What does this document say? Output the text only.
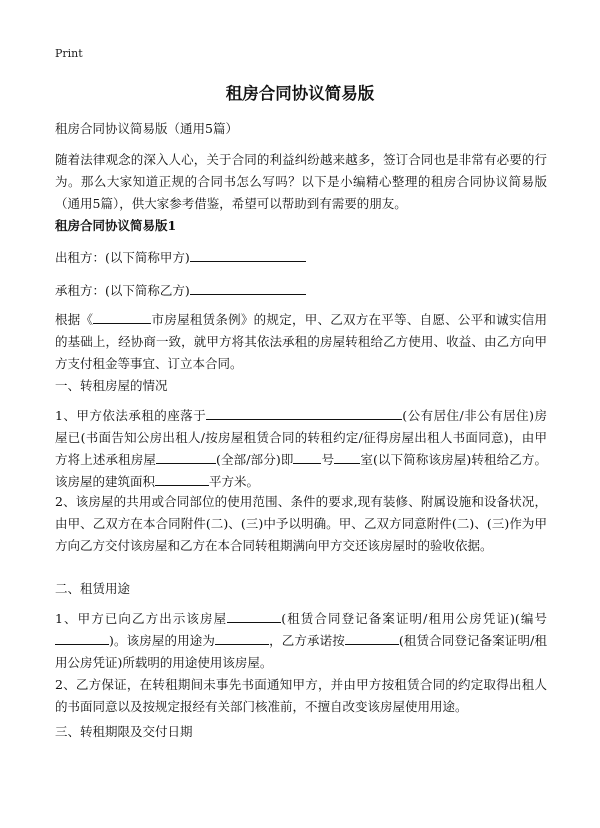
Print
租房合同协议简易版

租房合同协议简易版（通用5篇）

随着法律观念的深入人心，关于合同的利益纠纷越来越多，签订合同也是非常有必要的行为。那么大家知道正规的合同书怎么写吗？以下是小编精心整理的租房合同协议简易版（通用5篇），供大家参考借鉴，希望可以帮助到有需要的朋友。

租房合同协议简易版1

出租方：(以下简称甲方)

承租方：(以下简称乙方)

根据《	市房屋租赁条例》的规定，甲、乙双方在平等、自愿、公平和诚实信用的基础上，经协商一致，就甲方将其依法承租的房屋转租给乙方使用、收益、由乙方向甲方支付租金等事宜、订立本合同。

一、转租房屋的情况

1、甲方依法承租的座落于	(公有居住/非公有居住)房屋已(书面告知公房出租人/按房屋租赁合同的转租约定/征得房屋出租人书面同意)，由甲方将上述承租房屋	(全部/部分)即 号 室(以下简称该房屋)转租给乙方。该房屋的建筑面积	平方米。

2、该房屋的共用或合同部位的使用范围、条件的要求,现有装修、附属设施和设备状况，由甲、乙双方在本合同附件(二)、(三)中予以明确。甲、乙双方同意附件(二)、(三)作为甲方向乙方交付该房屋和乙方在本合同转租期满向甲方交还该房屋时的验收依据。

二、租赁用途

1、甲方已向乙方出示该房屋	(租赁合同登记备案证明/租用公房凭证)(编号)。该房屋的用途为	，乙方承诺按	(租赁合同登记备案证明/租用公房凭证)所载明的用途使用该房屋。

2、乙方保证，在转租期间未事先书面通知甲方，并由甲方按租赁合同的约定取得出租人的书面同意以及按规定报经有关部门核准前，不擅自改变该房屋使用用途。

三、转租期限及交付日期
